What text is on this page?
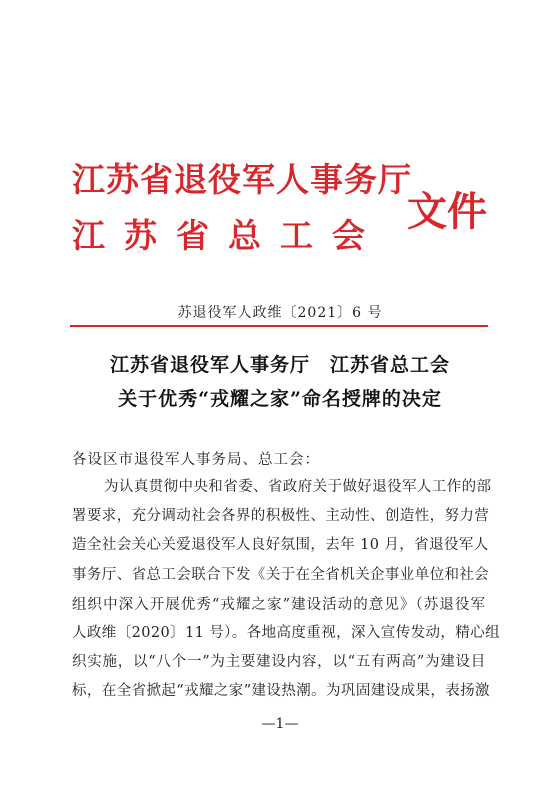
江苏省退役军人事务厅
江苏省总工会
文件
苏退役军人政维〔2021〕6 号
江苏省退役军人事务厅　江苏省总工会
关于优秀“戎耀之家”命名授牌的决定
各设区市退役军人事务局、总工会：
为认真贯彻中央和省委、省政府关于做好退役军人工作的部
署要求，充分调动社会各界的积极性、主动性、创造性，努力营
造全社会关心关爱退役军人良好氛围，去年 10 月，省退役军人
事务厅、省总工会联合下发《关于在全省机关企事业单位和社会
组织中深入开展优秀“戎耀之家”建设活动的意见》（苏退役军
人政维〔2020〕11 号）。各地高度重视，深入宣传发动，精心组
织实施，以“八个一”为主要建设内容，以“五有两高”为建设目
标，在全省掀起“戎耀之家”建设热潮。为巩固建设成果，表扬激
—1—
